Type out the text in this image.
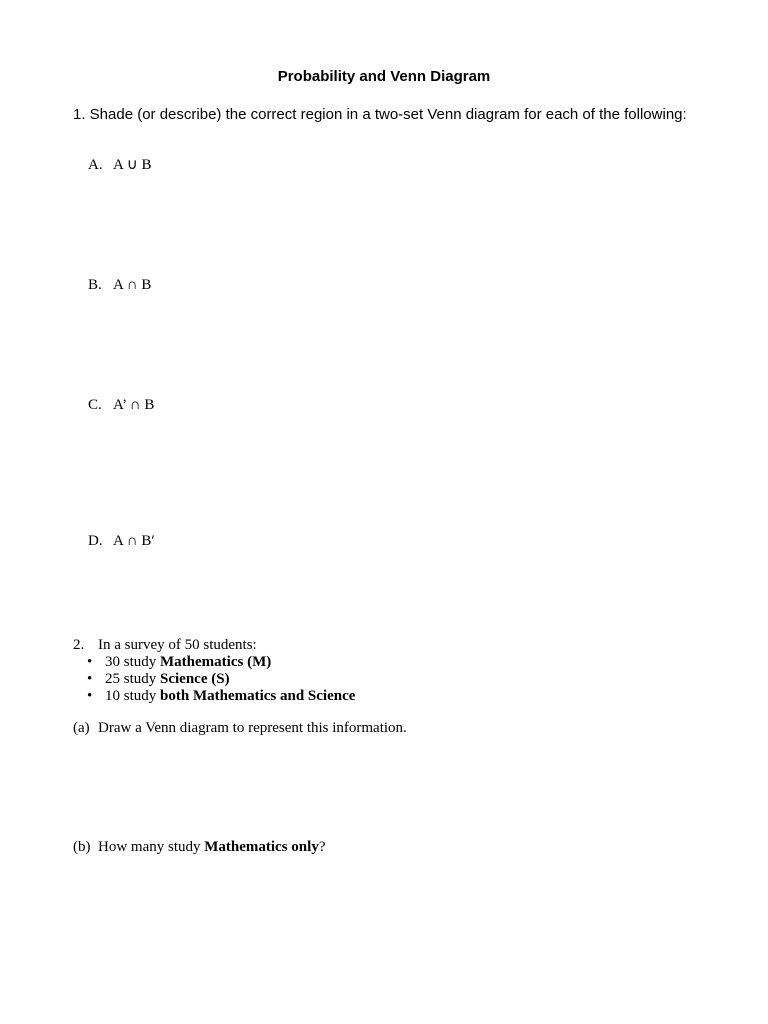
Probability and Venn Diagram
1. Shade (or describe) the correct region in a two-set Venn diagram for each of the following:

A. A ∪ B

B. A ∩ B

C. A’ ∩ B

D. A ∩ B′

2. In a survey of 50 students:
• 30 study Mathematics (M)
• 25 study Science (S)
• 10 study both Mathematics and Science
(a) Draw a Venn diagram to represent this information.
(b) How many study Mathematics only?
